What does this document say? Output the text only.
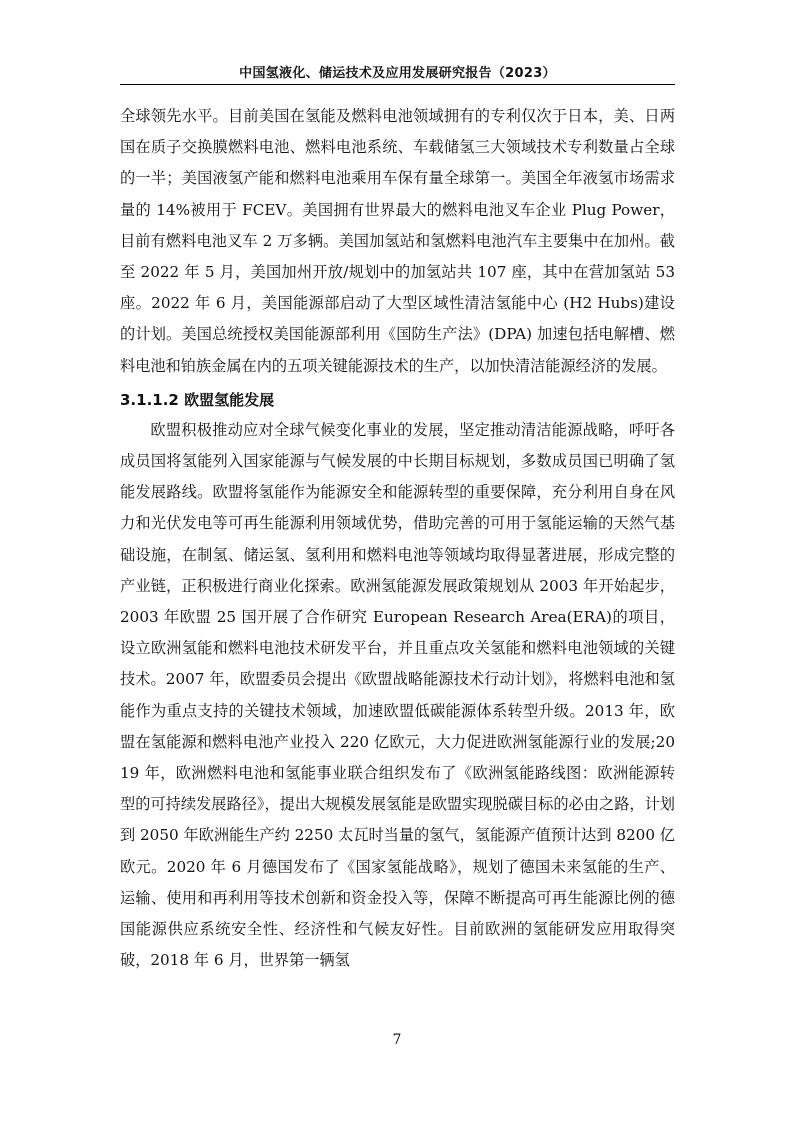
中国氢液化、储运技术及应用发展研究报告（2023）

全球领先水平。目前美国在氢能及燃料电池领域拥有的专利仅次于日本，美、日两国在质子交换膜燃料电池、燃料电池系统、车载储氢三大领域技术专利数量占全球的一半；美国液氢产能和燃料电池乘用车保有量全球第一。美国全年液氢市场需求量的 14%被用于 FCEV。美国拥有世界最大的燃料电池叉车企业 Plug Power，目前有燃料电池叉车 2 万多辆。美国加氢站和氢燃料电池汽车主要集中在加州。截至 2022 年 5 月，美国加州开放/规划中的加氢站共 107 座，其中在营加氢站 53 座。2022 年 6 月，美国能源部启动了大型区域性清洁氢能中心 (H2 Hubs)建设的计划。美国总统授权美国能源部利用《国防生产法》(DPA) 加速包括电解槽、燃料电池和铂族金属在内的五项关键能源技术的生产，以加快清洁能源经济的发展。

3.1.1.2 欧盟氢能发展

欧盟积极推动应对全球气候变化事业的发展，坚定推动清洁能源战略，呼吁各成员国将氢能列入国家能源与气候发展的中长期目标规划，多数成员国已明确了氢能发展路线。欧盟将氢能作为能源安全和能源转型的重要保障，充分利用自身在风力和光伏发电等可再生能源利用领域优势，借助完善的可用于氢能运输的天然气基础设施，在制氢、储运氢、氢利用和燃料电池等领域均取得显著进展，形成完整的产业链，正积极进行商业化探索。欧洲氢能源发展政策规划从 2003 年开始起步，2003 年欧盟 25 国开展了合作研究 European Research Area(ERA)的项目，设立欧洲氢能和燃料电池技术研发平台，并且重点攻关氢能和燃料电池领域的关键技术。2007 年，欧盟委员会提出《欧盟战略能源技术行动计划》，将燃料电池和氢能作为重点支持的关键技术领域，加速欧盟低碳能源体系转型升级。2013 年，欧盟在氢能源和燃料电池产业投入 220 亿欧元，大力促进欧洲氢能源行业的发展;2019 年，欧洲燃料电池和氢能事业联合组织发布了《欧洲氢能路线图：欧洲能源转型的可持续发展路径》，提出大规模发展氢能是欧盟实现脱碳目标的必由之路，计划到 2050 年欧洲能生产约 2250 太瓦时当量的氢气，氢能源产值预计达到 8200 亿欧元。2020 年 6 月德国发布了《国家氢能战略》，规划了德国未来氢能的生产、运输、使用和再利用等技术创新和资金投入等，保障不断提高可再生能源比例的德国能源供应系统安全性、经济性和气候友好性。目前欧洲的氢能研发应用取得突破，2018 年 6 月，世界第一辆氢

7
